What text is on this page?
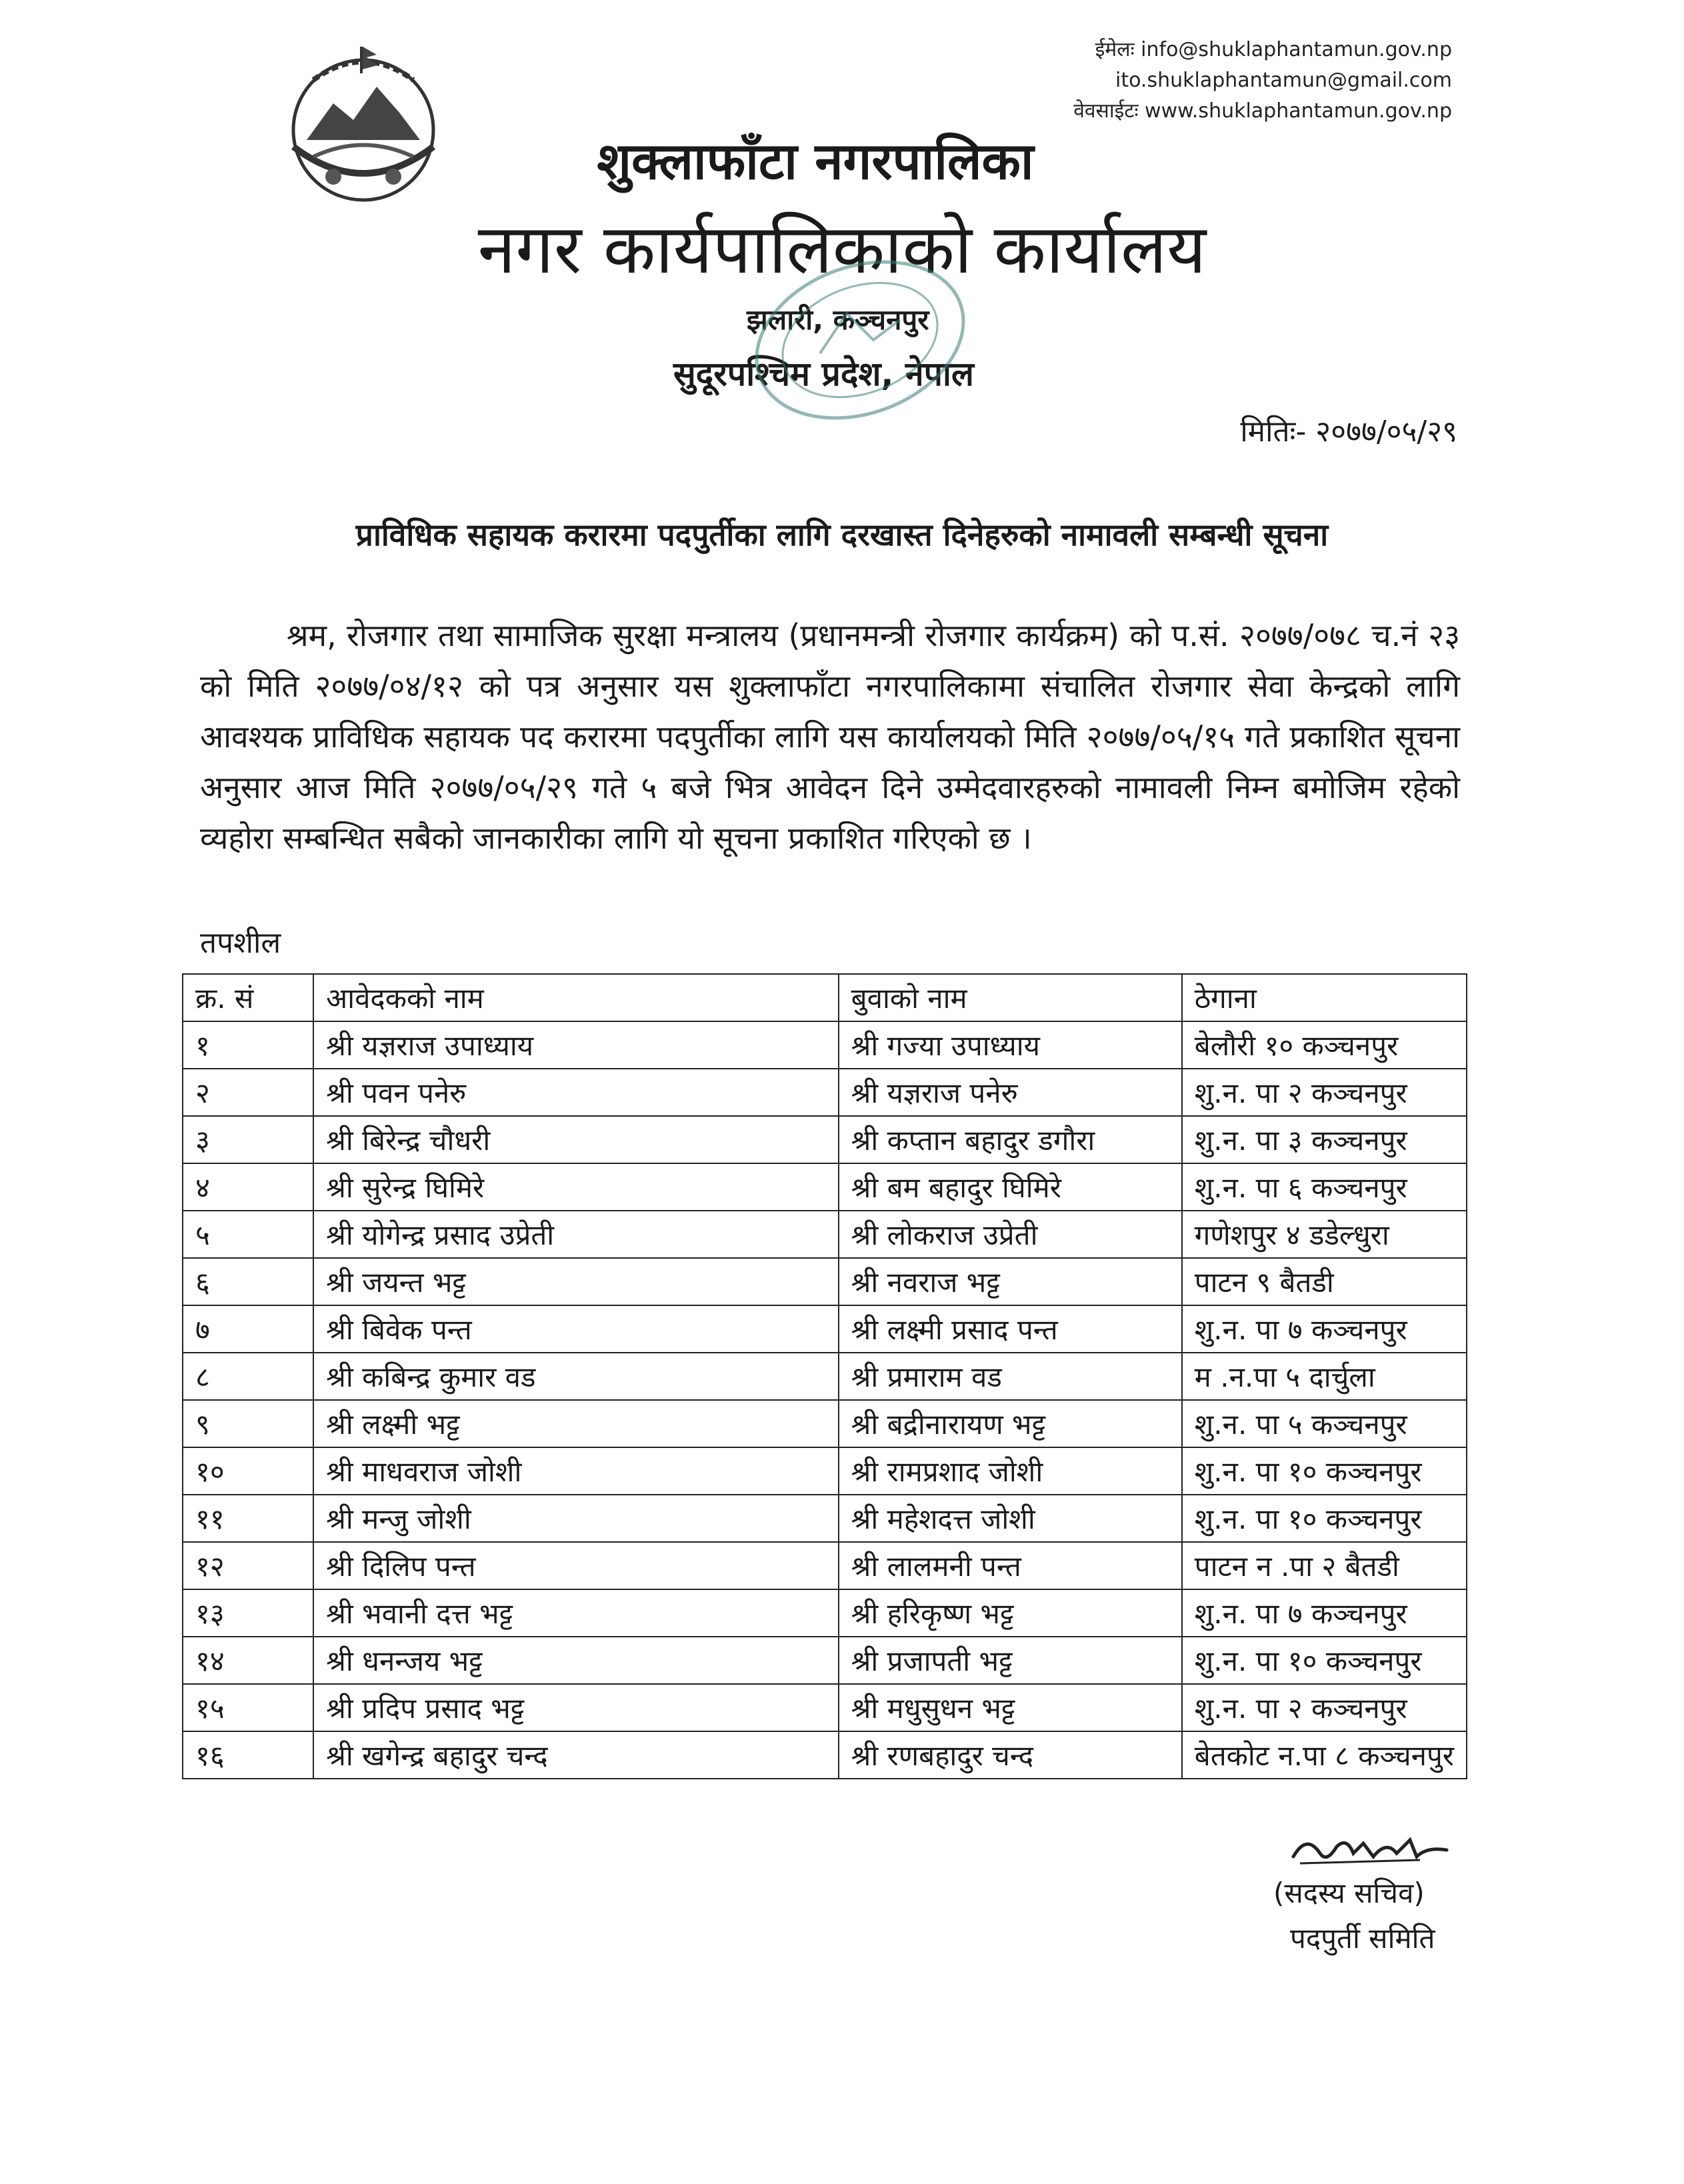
ईमेलः info@shuklaphantamun.gov.np
ito.shuklaphantamun@gmail.com
वेवसाईटः www.shuklaphantamun.gov.np
शुक्लाफाँटा नगरपालिका
नगर कार्यपालिकाको कार्यालय
झलारी, कञ्चनपुर
सुदूरपश्चिम प्रदेश, नेपाल
मितिः- २०७७/०५/२९
प्राविधिक सहायक करारमा पदपुर्तीका लागि दरखास्त दिनेहरुको नामावली सम्बन्धी सूचना
श्रम, रोजगार तथा सामाजिक सुरक्षा मन्त्रालय (प्रधानमन्त्री रोजगार कार्यक्रम) को प.सं. २०७७/०७८ च.नं २३ को मिति २०७७/०४/१२ को पत्र अनुसार यस शुक्लाफाँटा नगरपालिकामा संचालित रोजगार सेवा केन्द्रको लागि आवश्यक प्राविधिक सहायक पद करारमा पदपुर्तीका लागि यस कार्यालयको मिति २०७७/०५/१५ गते प्रकाशित सूचना अनुसार आज मिति २०७७/०५/२९ गते ५ बजे भित्र आवेदन दिने उम्मेदवारहरुको नामावली निम्न बमोजिम रहेको व्यहोरा सम्बन्धित सबैको जानकारीका लागि यो सूचना प्रकाशित गरिएको छ ।
तपशील
क्र. सं	आवेदकको नाम	बुवाको नाम	ठेगाना
१	श्री यज्ञराज उपाध्याय	श्री गज्या उपाध्याय	बेलौरी १० कञ्चनपुर
२	श्री पवन पनेरु	श्री यज्ञराज पनेरु	शु.न. पा २ कञ्चनपुर
३	श्री बिरेन्द्र चौधरी	श्री कप्तान बहादुर डगौरा	शु.न. पा ३ कञ्चनपुर
४	श्री सुरेन्द्र घिमिरे	श्री बम बहादुर घिमिरे	शु.न. पा ६ कञ्चनपुर
५	श्री योगेन्द्र प्रसाद उप्रेती	श्री लोकराज उप्रेती	गणेशपुर ४ डडेल्धुरा
६	श्री जयन्त भट्ट	श्री नवराज भट्ट	पाटन ९ बैतडी
७	श्री बिवेक पन्त	श्री लक्ष्मी प्रसाद पन्त	शु.न. पा ७ कञ्चनपुर
८	श्री कबिन्द्र कुमार वड	श्री प्रमाराम वड	म .न.पा ५ दार्चुला
९	श्री लक्ष्मी भट्ट	श्री बद्रीनारायण भट्ट	शु.न. पा ५ कञ्चनपुर
१०	श्री माधवराज जोशी	श्री रामप्रशाद जोशी	शु.न. पा १० कञ्चनपुर
११	श्री मन्जु जोशी	श्री महेशदत्त जोशी	शु.न. पा १० कञ्चनपुर
१२	श्री दिलिप पन्त	श्री लालमनी पन्त	पाटन न .पा २ बैतडी
१३	श्री भवानी दत्त भट्ट	श्री हरिकृष्ण भट्ट	शु.न. पा ७ कञ्चनपुर
१४	श्री धनन्जय भट्ट	श्री प्रजापती भट्ट	शु.न. पा १० कञ्चनपुर
१५	श्री प्रदिप प्रसाद भट्ट	श्री मधुसुधन भट्ट	शु.न. पा २ कञ्चनपुर
१६	श्री खगेन्द्र बहादुर चन्द	श्री रणबहादुर चन्द	बेतकोट न.पा ८ कञ्चनपुर
(सदस्य सचिव)
पदपुर्ती समिति
